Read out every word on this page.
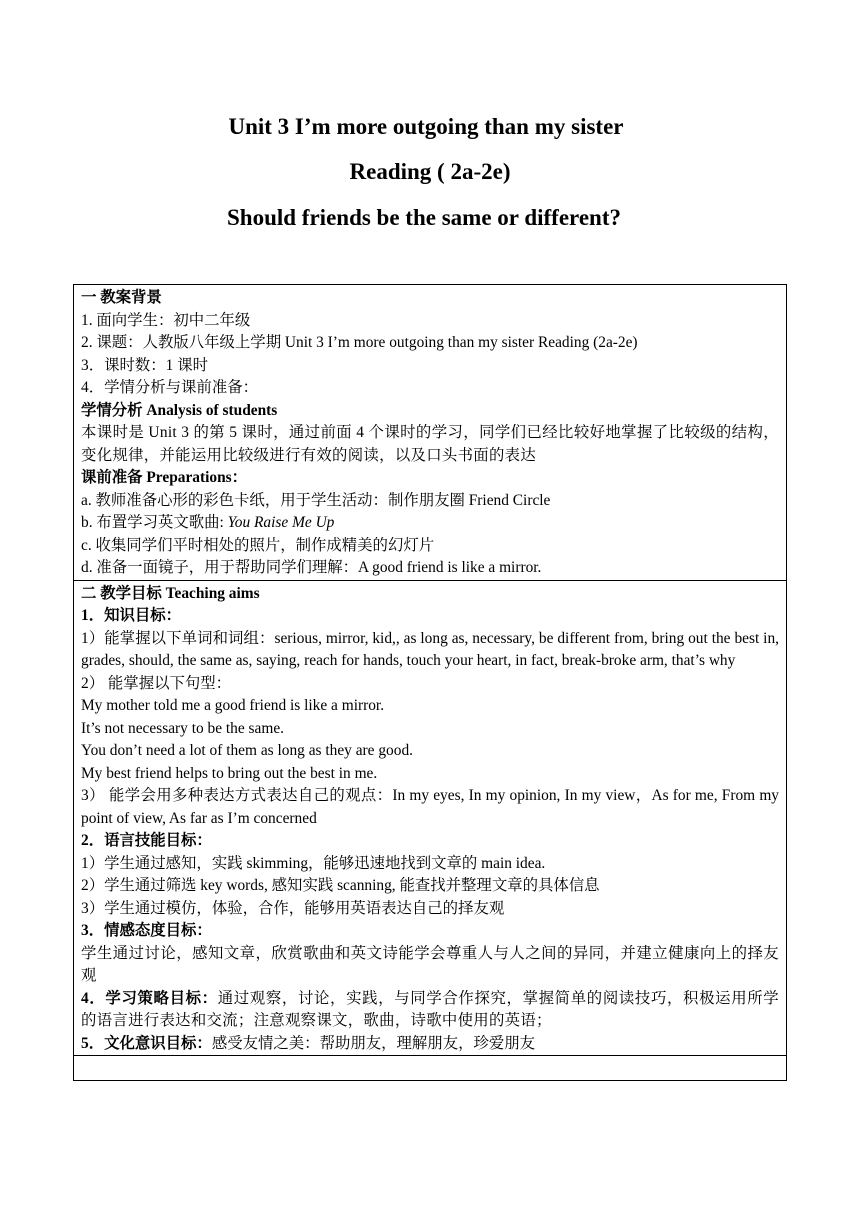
Unit 3 I’m more outgoing than my sister
Reading ( 2a-2e)
Should friends be the same or different?
一 教案背景
1. 面向学生：初中二年级
2. 课题：人教版八年级上学期 Unit 3 I’m more outgoing than my sister Reading (2a-2e)
3．课时数：1 课时
4．学情分析与课前准备：
学情分析 Analysis of students
本课时是 Unit 3 的第 5 课时，通过前面 4 个课时的学习，同学们已经比较好地掌握了比较级的结构，变化规律，并能运用比较级进行有效的阅读，以及口头书面的表达
课前准备 Preparations：
a. 教师准备心形的彩色卡纸，用于学生活动：制作朋友圈 Friend Circle
b. 布置学习英文歌曲: You Raise Me Up
c. 收集同学们平时相处的照片，制作成精美的幻灯片
d. 准备一面镜子，用于帮助同学们理解：A good friend is like a mirror.

二 教学目标 Teaching aims
1．知识目标：
1）能掌握以下单词和词组：serious, mirror, kid,, as long as, necessary, be different from, bring out the best in, grades, should, the same as, saying, reach for hands, touch your heart, in fact, break-broke arm, that’s why
2） 能掌握以下句型：
My mother told me a good friend is like a mirror.
It’s not necessary to be the same.
You don’t need a lot of them as long as they are good.
My best friend helps to bring out the best in me.
3） 能学会用多种表达方式表达自己的观点：In my eyes, In my opinion, In my view，As for me, From my point of view, As far as I’m concerned
2．语言技能目标：
1）学生通过感知，实践 skimming，能够迅速地找到文章的 main idea.
2）学生通过筛选 key words, 感知实践 scanning, 能查找并整理文章的具体信息
3）学生通过模仿，体验，合作，能够用英语表达自己的择友观
3．情感态度目标：
学生通过讨论，感知文章，欣赏歌曲和英文诗能学会尊重人与人之间的异同，并建立健康向上的择友观
4．学习策略目标：通过观察，讨论，实践，与同学合作探究，掌握简单的阅读技巧，积极运用所学的语言进行表达和交流；注意观察课文，歌曲，诗歌中使用的英语；
5．文化意识目标：感受友情之美：帮助朋友，理解朋友，珍爱朋友
